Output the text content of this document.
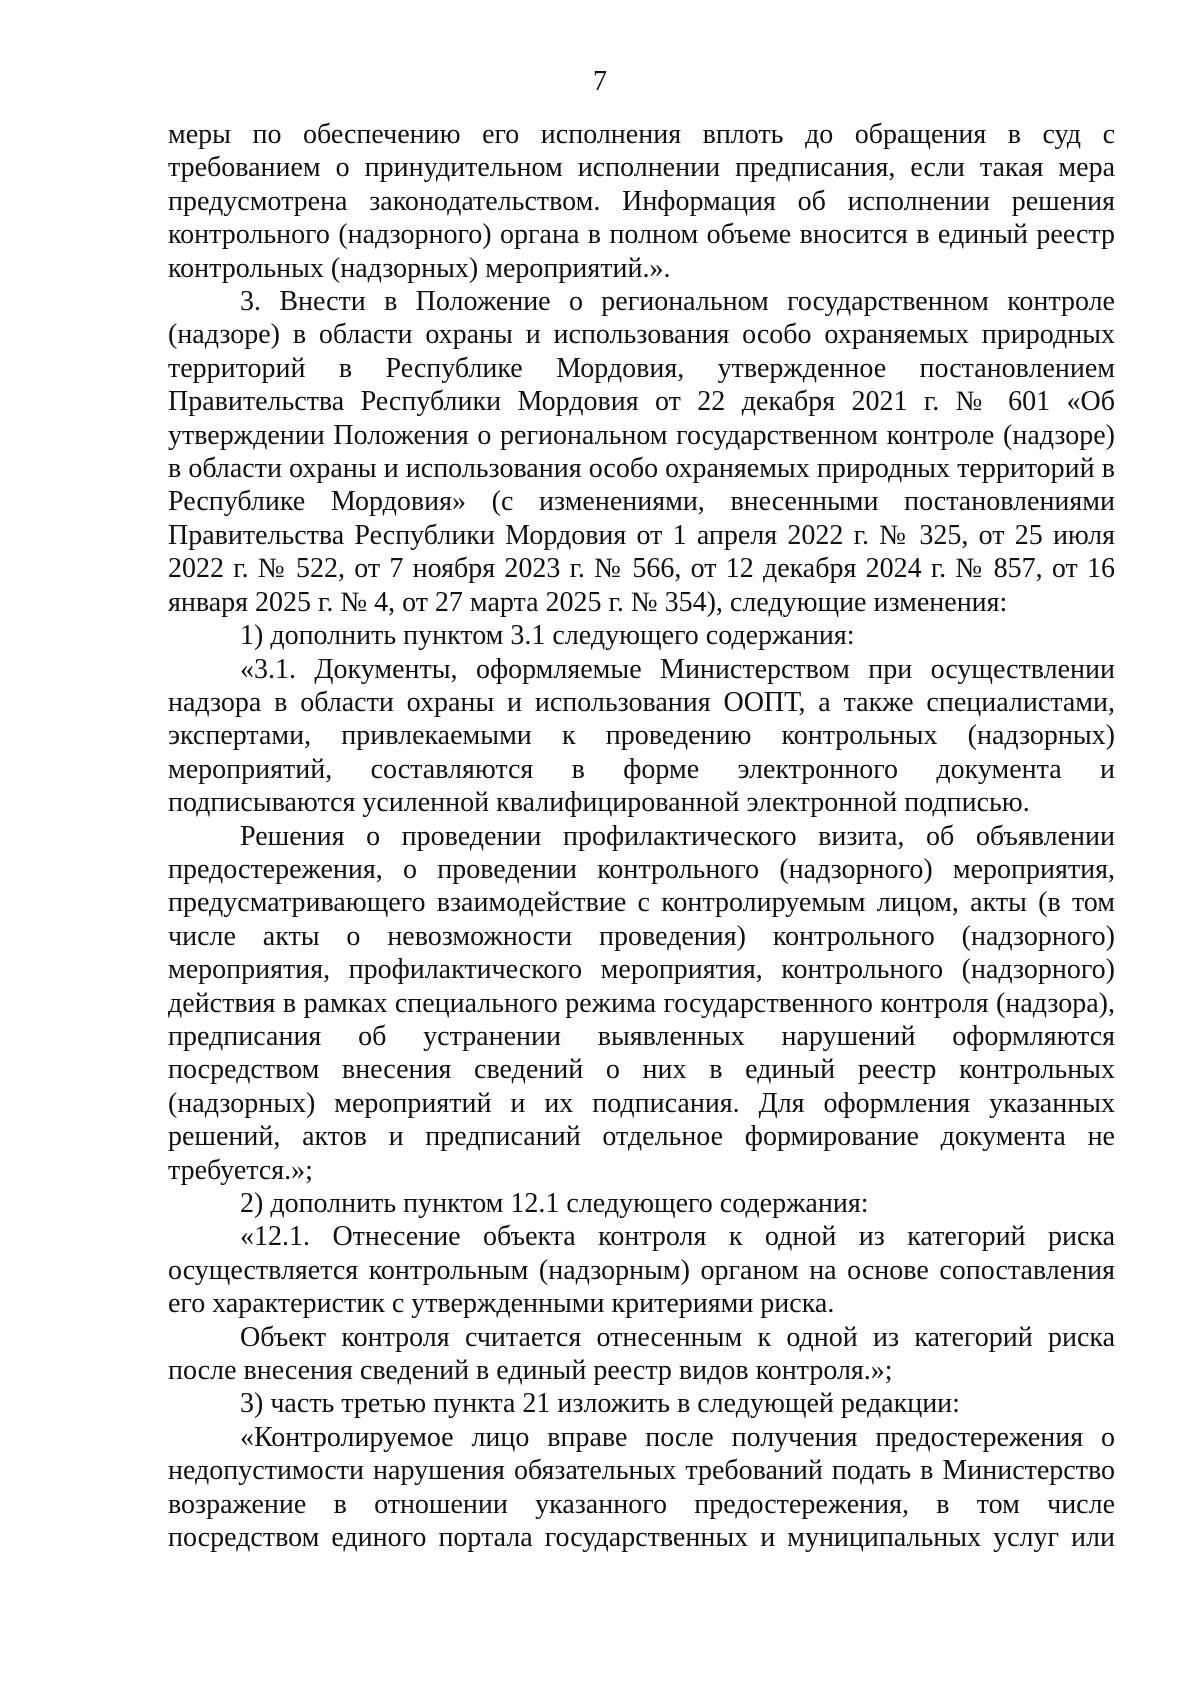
7

меры по обеспечению его исполнения вплоть до обращения в суд с требованием о принудительном исполнении предписания, если такая мера предусмотрена законодательством. Информация об исполнении решения контрольного (надзорного) органа в полном объеме вносится в единый реестр контрольных (надзорных) мероприятий.».

3. Внести в Положение о региональном государственном контроле (надзоре) в области охраны и использования особо охраняемых природных территорий в Республике Мордовия, утвержденное постановлением Правительства Республики Мордовия от 22 декабря 2021 г. № 601 «Об утверждении Положения о региональном государственном контроле (надзоре) в области охраны и использования особо охраняемых природных территорий в Республике Мордовия» (с изменениями, внесенными постановлениями Правительства Республики Мордовия от 1 апреля 2022 г. № 325, от 25 июля 2022 г. № 522, от 7 ноября 2023 г. № 566, от 12 декабря 2024 г. № 857, от 16 января 2025 г. № 4, от 27 марта 2025 г. № 354), следующие изменения:

1) дополнить пунктом 3.1 следующего содержания:

«3.1. Документы, оформляемые Министерством при осуществлении надзора в области охраны и использования ООПТ, а также специалистами, экспертами, привлекаемыми к проведению контрольных (надзорных) мероприятий, составляются в форме электронного документа и подписываются усиленной квалифицированной электронной подписью.

Решения о проведении профилактического визита, об объявлении предостережения, о проведении контрольного (надзорного) мероприятия, предусматривающего взаимодействие с контролируемым лицом, акты (в том числе акты о невозможности проведения) контрольного (надзорного) мероприятия, профилактического мероприятия, контрольного (надзорного) действия в рамках специального режима государственного контроля (надзора), предписания об устранении выявленных нарушений оформляются посредством внесения сведений о них в единый реестр контрольных (надзорных) мероприятий и их подписания. Для оформления указанных решений, актов и предписаний отдельное формирование документа не требуется.»;

2) дополнить пунктом 12.1 следующего содержания:

«12.1. Отнесение объекта контроля к одной из категорий риска осуществляется контрольным (надзорным) органом на основе сопоставления его характеристик с утвержденными критериями риска.

Объект контроля считается отнесенным к одной из категорий риска после внесения сведений в единый реестр видов контроля.»;

3) часть третью пункта 21 изложить в следующей редакции:

«Контролируемое лицо вправе после получения предостережения о недопустимости нарушения обязательных требований подать в Министерство возражение в отношении указанного предостережения, в том числе посредством единого портала государственных и муниципальных услуг или
